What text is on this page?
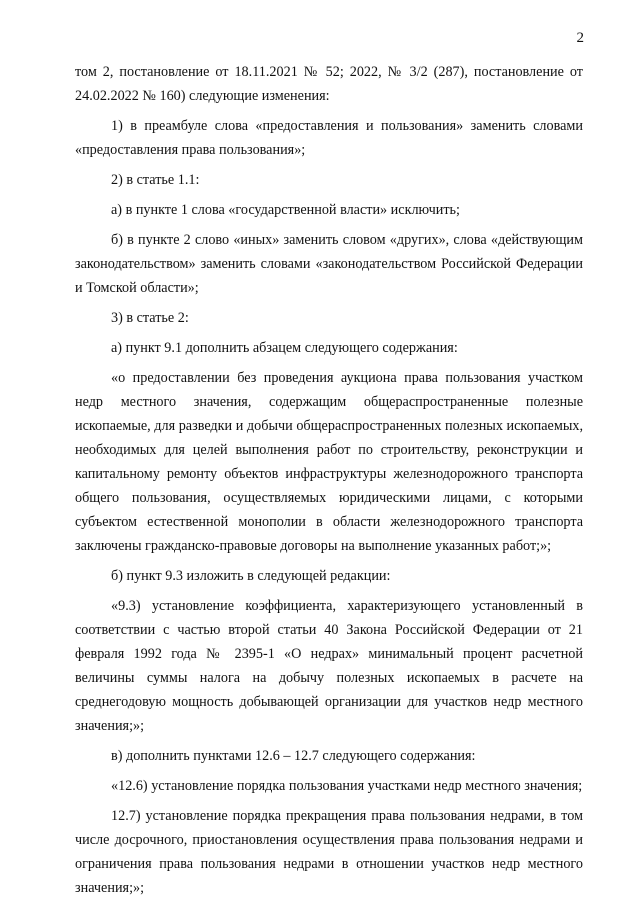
2

том 2, постановление от 18.11.2021 № 52; 2022, № 3/2 (287), постановление от 24.02.2022 № 160) следующие изменения:

1) в преамбуле слова «предоставления и пользования» заменить словами «предоставления права пользования»;

2) в статье 1.1:

а) в пункте 1 слова «государственной власти» исключить;

б) в пункте 2 слово «иных» заменить словом «других», слова «действующим законодательством» заменить словами «законодательством Российской Федерации и Томской области»;

3) в статье 2:

а) пункт 9.1 дополнить абзацем следующего содержания:

«о предоставлении без проведения аукциона права пользования участком недр местного значения, содержащим общераспространенные полезные ископаемые, для разведки и добычи общераспространенных полезных ископаемых, необходимых для целей выполнения работ по строительству, реконструкции и капитальному ремонту объектов инфраструктуры железнодорожного транспорта общего пользования, осуществляемых юридическими лицами, с которыми субъектом естественной монополии в области железнодорожного транспорта заключены гражданско-правовые договоры на выполнение указанных работ;»;

б) пункт 9.3 изложить в следующей редакции:

«9.3) установление коэффициента, характеризующего установленный в соответствии с частью второй статьи 40 Закона Российской Федерации от 21 февраля 1992 года № 2395-1 «О недрах» минимальный процент расчетной величины суммы налога на добычу полезных ископаемых в расчете на среднегодовую мощность добывающей организации для участков недр местного значения;»;

в) дополнить пунктами 12.6 – 12.7 следующего содержания:

«12.6) установление порядка пользования участками недр местного значения;

12.7) установление порядка прекращения права пользования недрами, в том числе досрочного, приостановления осуществления права пользования недрами и ограничения права пользования недрами в отношении участков недр местного значения;»;
